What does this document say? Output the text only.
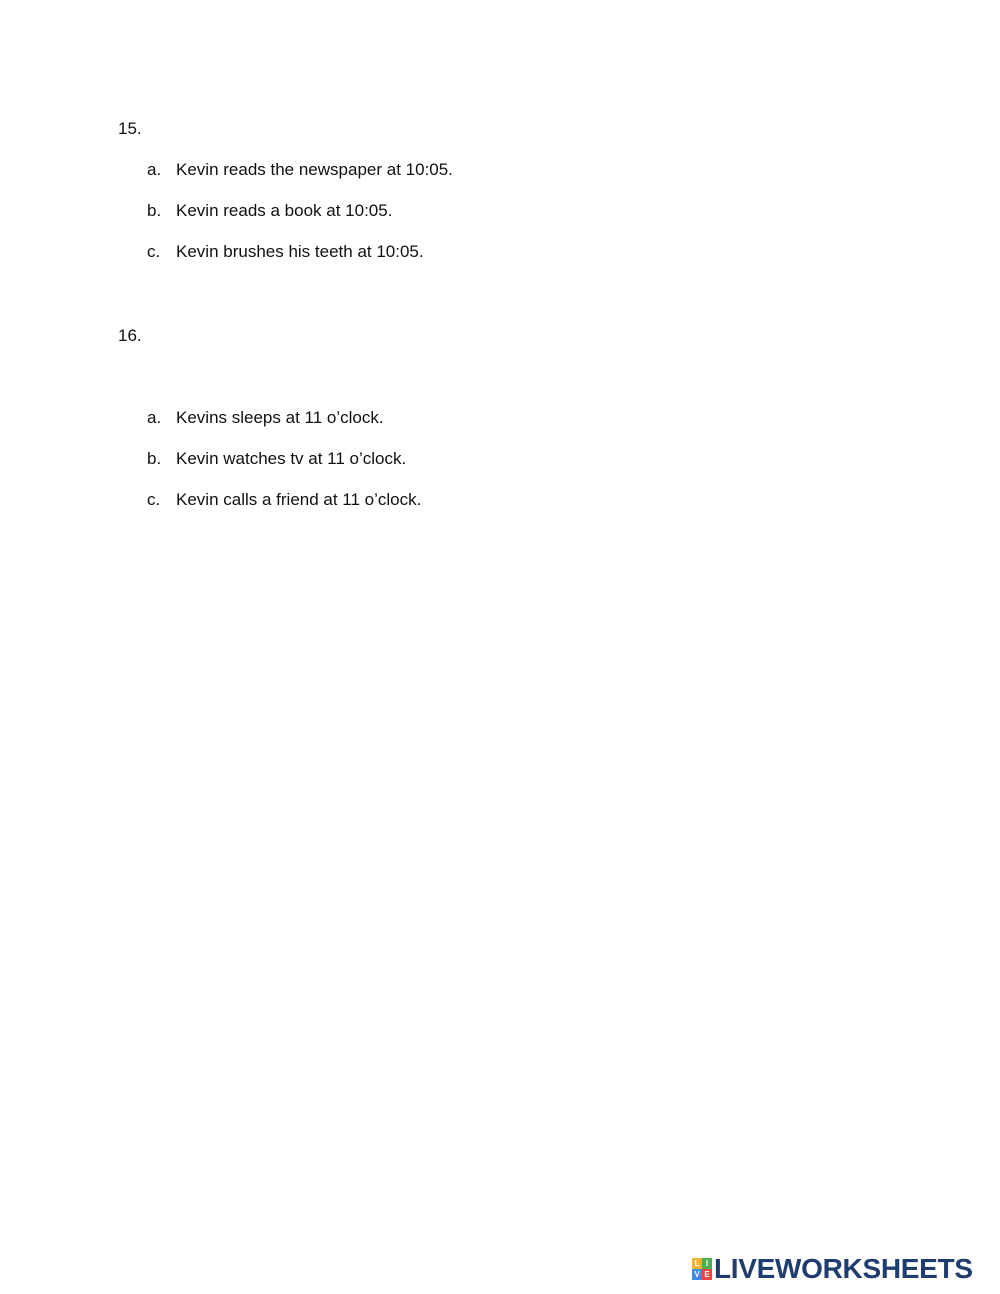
15.
a. Kevin reads the newspaper at 10:05.
b. Kevin reads a book at 10:05.
c. Kevin brushes his teeth at 10:05.
16.
a. Kevins sleeps at 11 o’clock.
b. Kevin watches tv at 11 o’clock.
c. Kevin calls a friend at 11 o’clock.
L I
V E LIVEWORKSHEETS
